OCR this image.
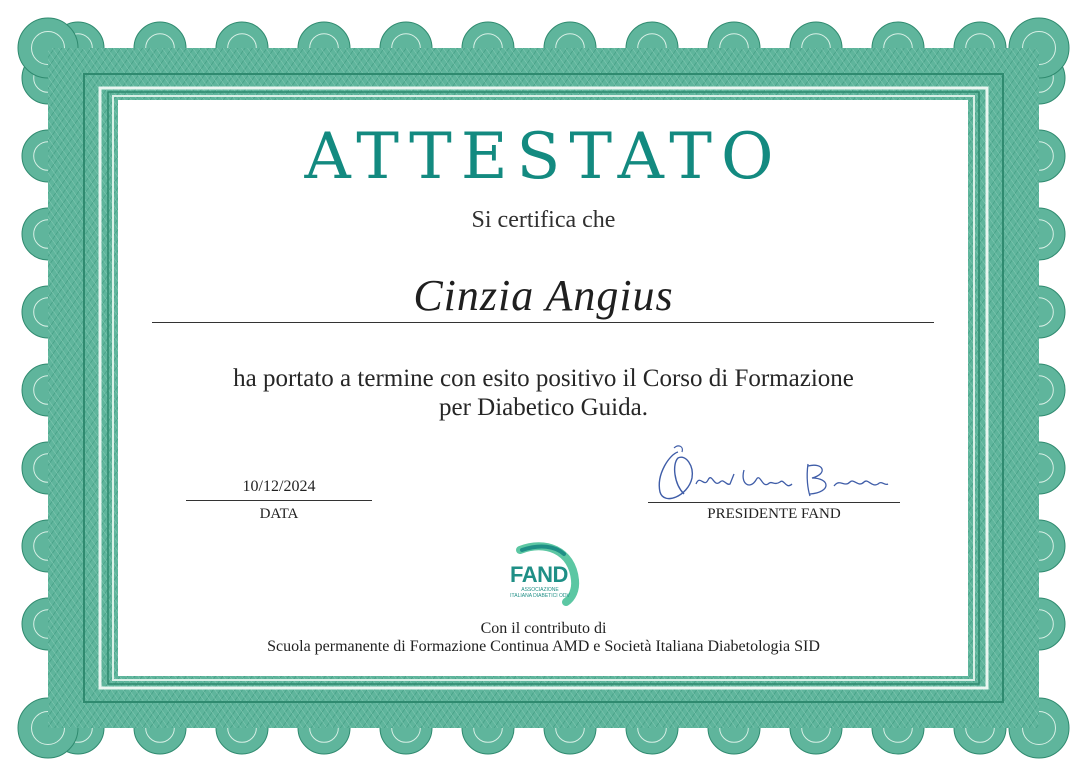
ATTESTATO
Si certifica che
Cinzia Angius
ha portato a termine con esito positivo il Corso di Formazione
per Diabetico Guida.
10/12/2024
DATA	PRESIDENTE FAND
FAND
ASSOCIAZIONE ITALIANA DIABETICI ODV
Con il contributo di
Scuola permanente di Formazione Continua AMD e Società Italiana Diabetologia SID
